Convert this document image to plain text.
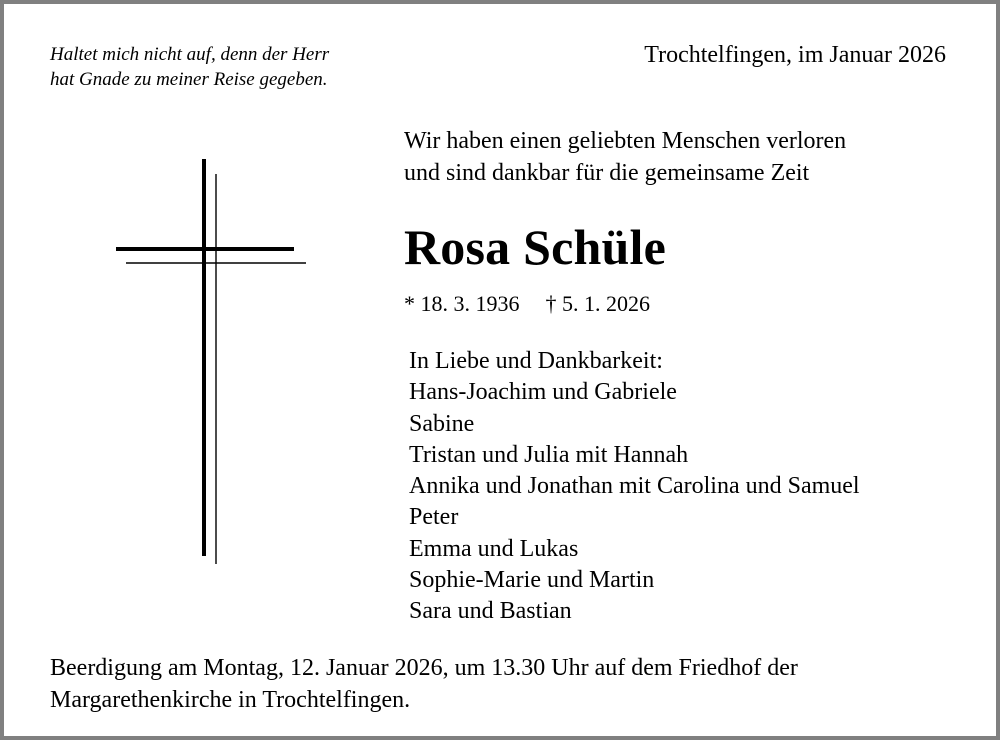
Haltet mich nicht auf, denn der Herr
hat Gnade zu meiner Reise gegeben.
Trochtelfingen, im Januar 2026
Wir haben einen geliebten Menschen verloren
und sind dankbar für die gemeinsame Zeit
Rosa Schüle
* 18. 3. 1936 † 5. 1. 2026
In Liebe und Dankbarkeit:
Hans-Joachim und Gabriele
Sabine
Tristan und Julia mit Hannah
Annika und Jonathan mit Carolina und Samuel
Peter
Emma und Lukas
Sophie-Marie und Martin
Sara und Bastian
Beerdigung am Montag, 12. Januar 2026, um 13.30 Uhr auf dem Friedhof der
Margarethenkirche in Trochtelfingen.
